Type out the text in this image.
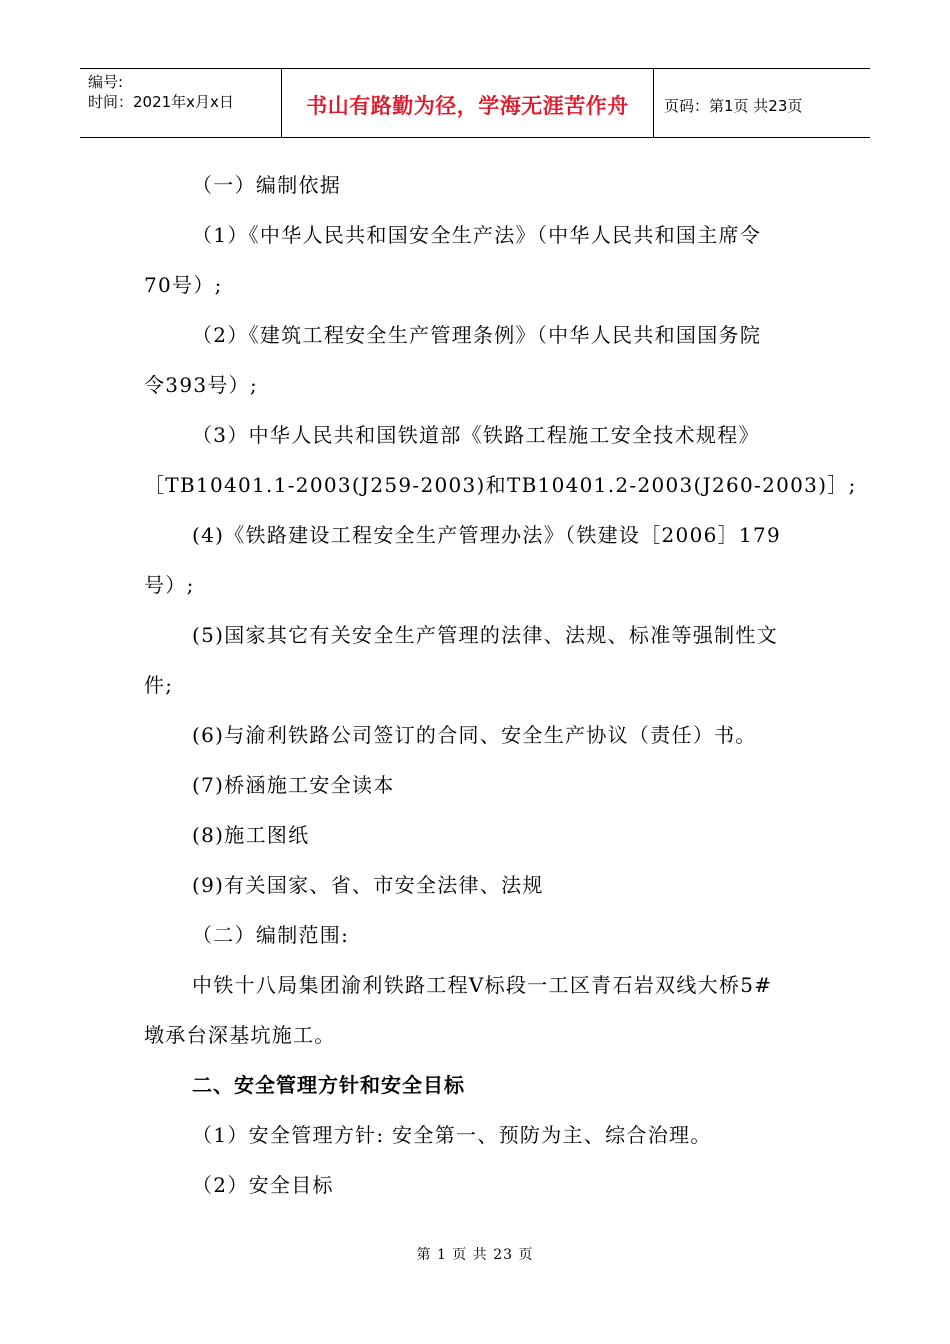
编号:
时间：2021年x月x日	书山有路勤为径，学海无涯苦作舟 页码：第1页 共23页
（一）编制依据
（1）《中华人民共和国安全生产法》（中华人民共和国主席令
70号）;
（2）《建筑工程安全生产管理条例》（中华人民共和国国务院
令393号）;
（3）中华人民共和国铁道部《铁路工程施工安全技术规程》
［TB10401.1-2003(J259-2003)和TB10401.2-2003(J260-2003)］;
(4)《铁路建设工程安全生产管理办法》（铁建设［2006］179
号）;
(5)国家其它有关安全生产管理的法律、法规、标准等强制性文
件;
(6)与渝利铁路公司签订的合同、安全生产协议（责任）书。
(7)桥涵施工安全读本
(8)施工图纸
(9)有关国家、省、市安全法律、法规
（二）编制范围:
中铁十八局集团渝利铁路工程Ⅴ标段一工区青石岩双线大桥5#
墩承台深基坑施工。
二、安全管理方针和安全目标
（1）安全管理方针: 安全第一、预防为主、综合治理。
（2）安全目标
第 1 页 共 23 页
